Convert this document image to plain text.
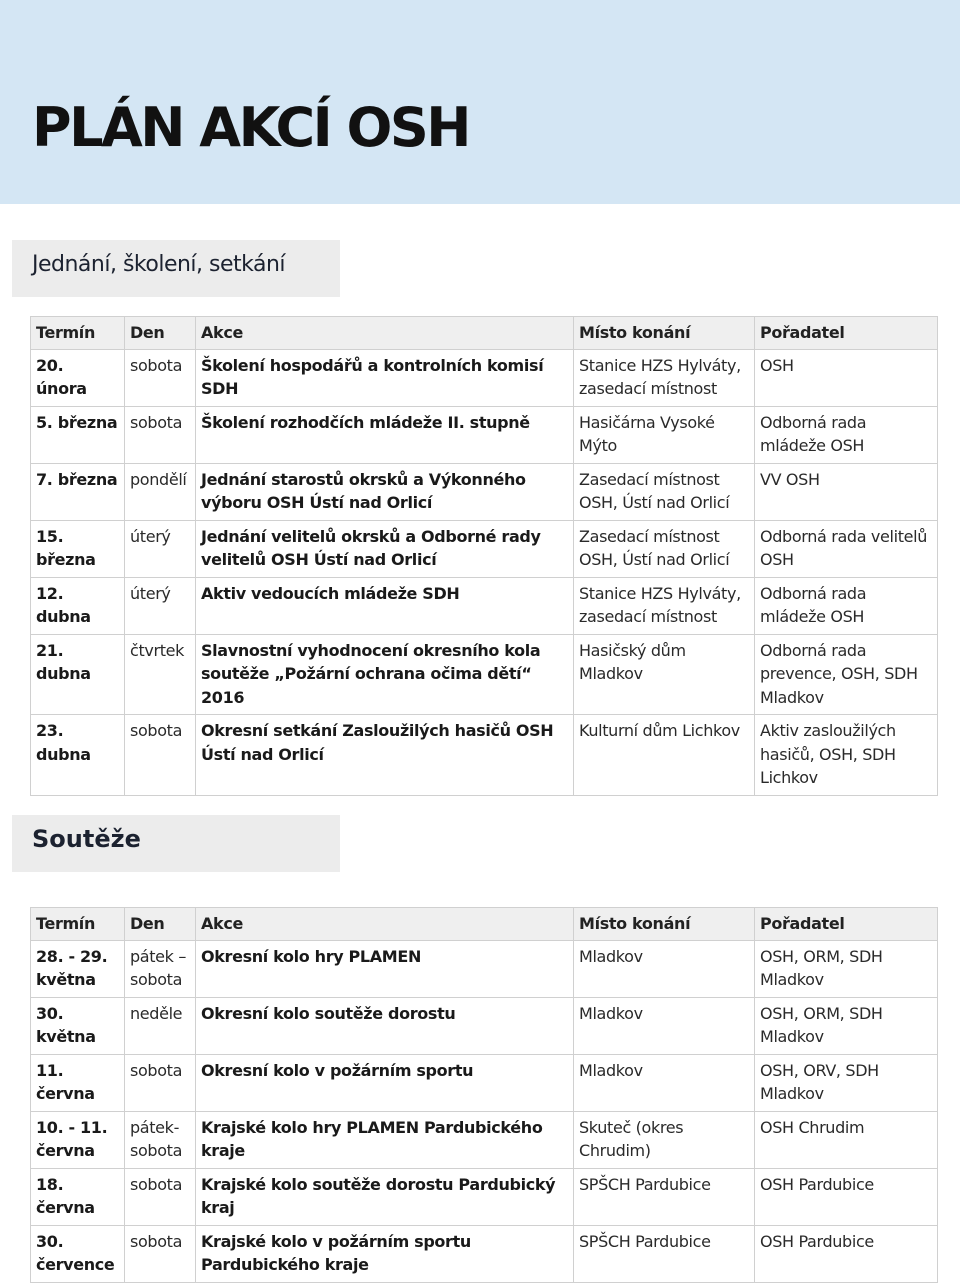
PLÁN AKCÍ OSH
Jednání, školení, setkání
Termín	Den	Akce	Místo konání	Pořadatel
20. února	sobota	Školení hospodářů a kontrolních komisí SDH	Stanice HZS Hylváty, zasedací místnost	OSH
5. března	sobota	Školení rozhodčích mládeže II. stupně	Hasičárna Vysoké Mýto	Odborná rada mládeže OSH
7. března	pondělí	Jednání starostů okrsků a Výkonného výboru OSH Ústí nad Orlicí	Zasedací místnost OSH, Ústí nad Orlicí	VV OSH
15. března	úterý	Jednání velitelů okrsků a Odborné rady velitelů OSH Ústí nad Orlicí	Zasedací místnost OSH, Ústí nad Orlicí	Odborná rada velitelů OSH
12. dubna	úterý	Aktiv vedoucích mládeže SDH	Stanice HZS Hylváty, zasedací místnost	Odborná rada mládeže OSH
21. dubna	čtvrtek	Slavnostní vyhodnocení okresního kola soutěže „Požární ochrana očima dětí“ 2016	Hasičský dům Mladkov	Odborná rada prevence, OSH, SDH Mladkov
23. dubna	sobota	Okresní setkání Zasloužilých hasičů OSH Ústí nad Orlicí	Kulturní dům Lichkov	Aktiv zasloužilých hasičů, OSH, SDH Lichkov
Soutěže
Termín	Den	Akce	Místo konání	Pořadatel
28. - 29. května	pátek – sobota	Okresní kolo hry PLAMEN	Mladkov	OSH, ORM, SDH Mladkov
30. května	neděle	Okresní kolo soutěže dorostu	Mladkov	OSH, ORM, SDH Mladkov
11. června	sobota	Okresní kolo v požárním sportu	Mladkov	OSH, ORV, SDH Mladkov
10. - 11. června	pátek-sobota	Krajské kolo hry PLAMEN Pardubického kraje	Skuteč (okres Chrudim)	OSH Chrudim
18. června	sobota	Krajské kolo soutěže dorostu Pardubický kraj	SPŠCH Pardubice	OSH Pardubice
30. července	sobota	Krajské kolo v požárním sportu Pardubického kraje	SPŠCH Pardubice	OSH Pardubice
